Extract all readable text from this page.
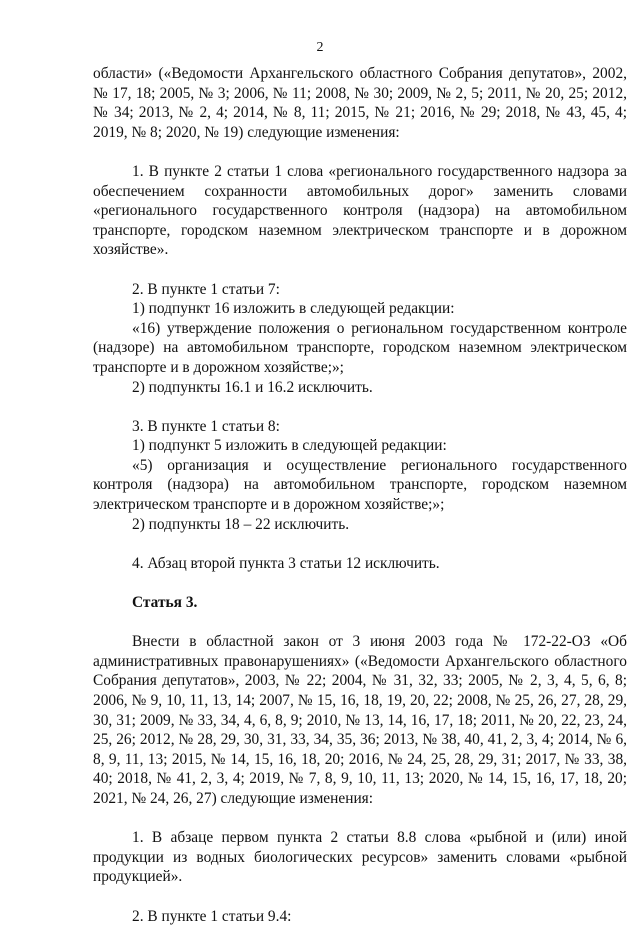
2

области» («Ведомости Архангельского областного Собрания депутатов», 2002, № 17, 18; 2005, № 3; 2006, № 11; 2008, № 30; 2009, № 2, 5; 2011, № 20, 25; 2012, № 34; 2013, № 2, 4; 2014, № 8, 11; 2015, № 21; 2016, № 29; 2018, № 43, 45, 4; 2019, № 8; 2020, № 19) следующие изменения:

1. В пункте 2 статьи 1 слова «регионального государственного надзора за обеспечением сохранности автомобильных дорог» заменить словами «регионального государственного контроля (надзора) на автомобильном транспорте, городском наземном электрическом транспорте и в дорожном хозяйстве».

2. В пункте 1 статьи 7:

1) подпункт 16 изложить в следующей редакции:

«16) утверждение положения о региональном государственном контроле (надзоре) на автомобильном транспорте, городском наземном электрическом транспорте и в дорожном хозяйстве;»;

2) подпункты 16.1 и 16.2 исключить.

3. В пункте 1 статьи 8:

1) подпункт 5 изложить в следующей редакции:

«5) организация и осуществление регионального государственного контроля (надзора) на автомобильном транспорте, городском наземном электрическом транспорте и в дорожном хозяйстве;»;

2) подпункты 18 – 22 исключить.

4. Абзац второй пункта 3 статьи 12 исключить.

Статья 3.

Внести в областной закон от 3 июня 2003 года № 172-22-ОЗ «Об административных правонарушениях» («Ведомости Архангельского областного Собрания депутатов», 2003, № 22; 2004, № 31, 32, 33; 2005, № 2, 3, 4, 5, 6, 8; 2006, № 9, 10, 11, 13, 14; 2007, № 15, 16, 18, 19, 20, 22; 2008, № 25, 26, 27, 28, 29, 30, 31; 2009, № 33, 34, 4, 6, 8, 9; 2010, № 13, 14, 16, 17, 18; 2011, № 20, 22, 23, 24, 25, 26; 2012, № 28, 29, 30, 31, 33, 34, 35, 36; 2013, № 38, 40, 41, 2, 3, 4; 2014, № 6, 8, 9, 11, 13; 2015, № 14, 15, 16, 18, 20; 2016, № 24, 25, 28, 29, 31; 2017, № 33, 38, 40; 2018, № 41, 2, 3, 4; 2019, № 7, 8, 9, 10, 11, 13; 2020, № 14, 15, 16, 17, 18, 20; 2021, № 24, 26, 27) следующие изменения:

1. В абзаце первом пункта 2 статьи 8.8 слова «рыбной и (или) иной продукции из водных биологических ресурсов» заменить словами «рыбной продукцией».

2. В пункте 1 статьи 9.4:
